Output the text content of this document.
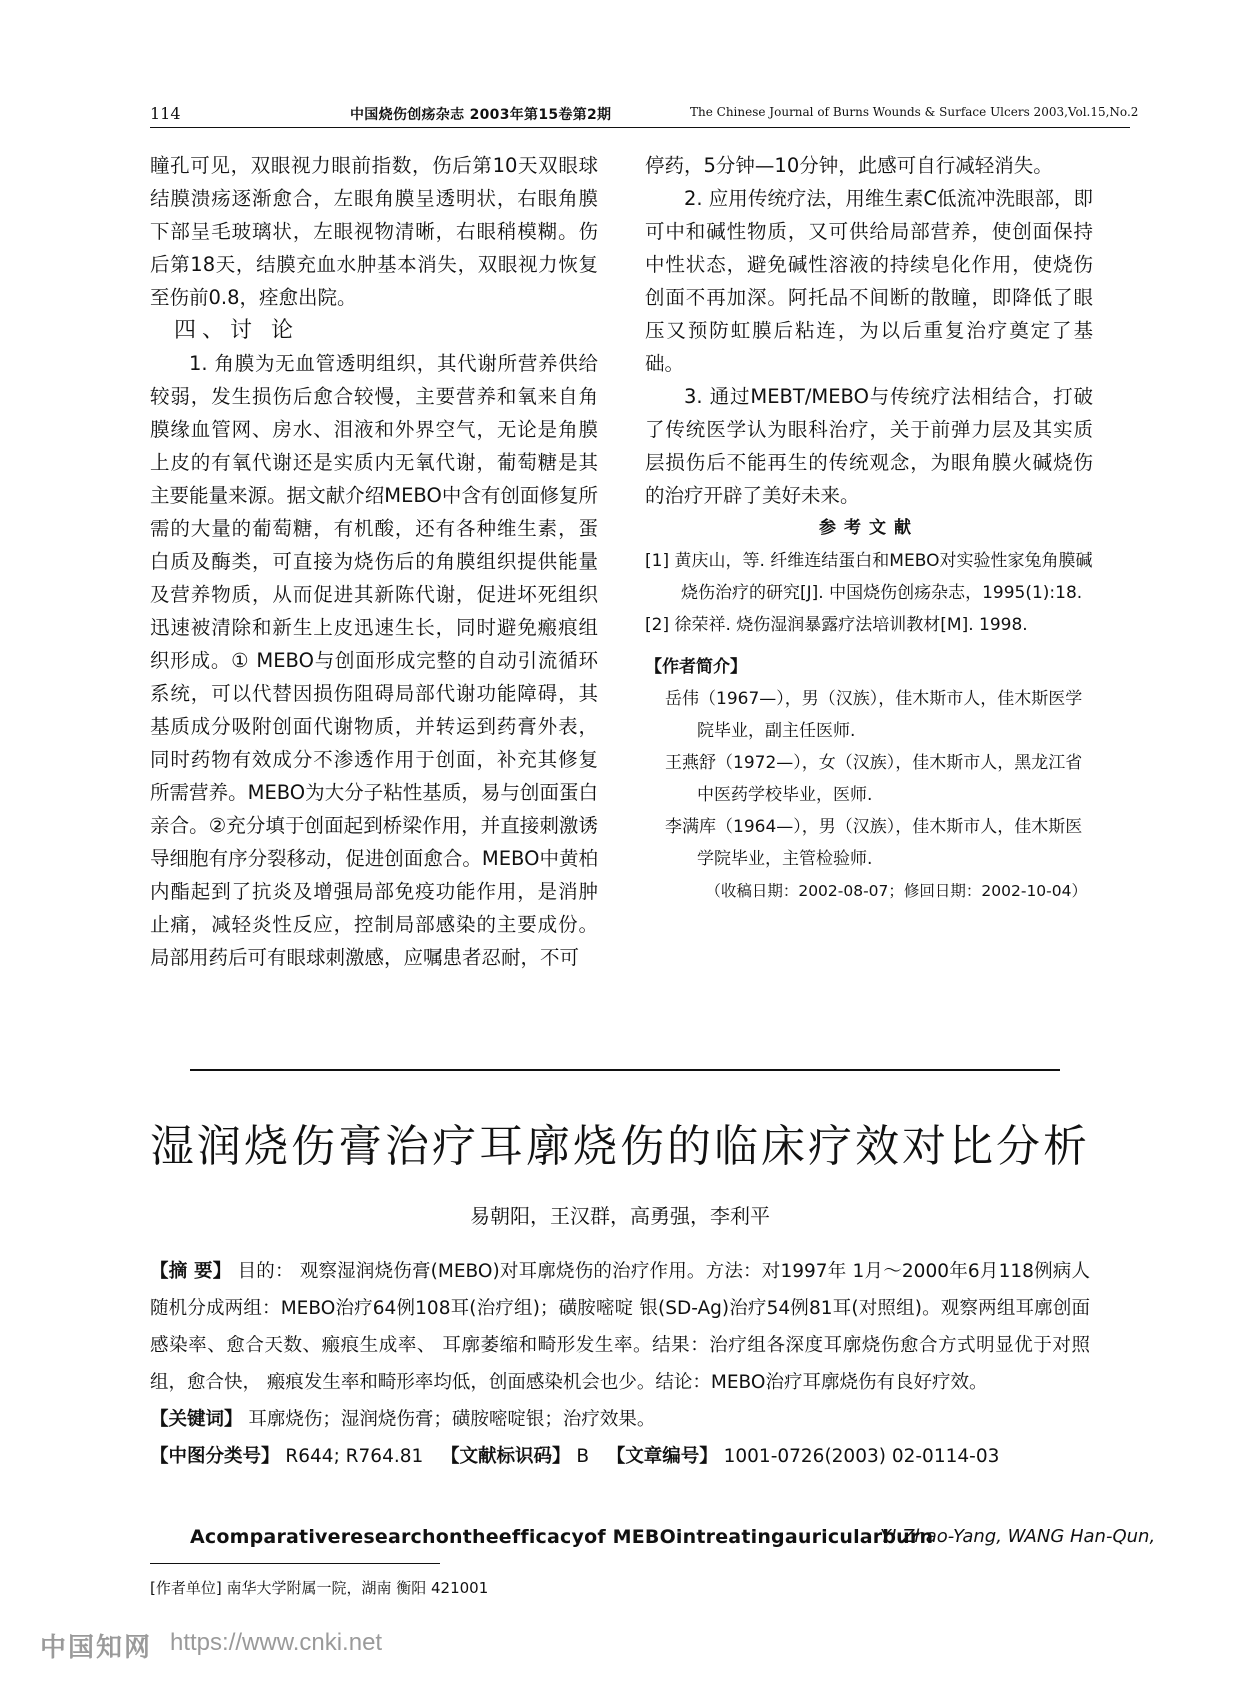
114	中国烧伤创疡杂志 2003年第15卷第2期	The Chinese Journal of Burns Wounds & Surface Ulcers 2003,Vol.15,No.2

瞳孔可见，双眼视力眼前指数，伤后第10天双眼球结膜溃疡逐渐愈合，左眼角膜呈透明状，右眼角膜下部呈毛玻璃状，左眼视物清晰，右眼稍模糊。伤后第18天，结膜充血水肿基本消失，双眼视力恢复至伤前0.8，痊愈出院。

四、讨 论

1. 角膜为无血管透明组织，其代谢所营养供给较弱，发生损伤后愈合较慢，主要营养和氧来自角膜缘血管网、房水、泪液和外界空气，无论是角膜上皮的有氧代谢还是实质内无氧代谢，葡萄糖是其主要能量来源。据文献介绍MEBO中含有创面修复所需的大量的葡萄糖，有机酸，还有各种维生素，蛋白质及酶类，可直接为烧伤后的角膜组织提供能量及营养物质，从而促进其新陈代谢，促进坏死组织迅速被清除和新生上皮迅速生长，同时避免瘢痕组织形成。① MEBO与创面形成完整的自动引流循环系统，可以代替因损伤阻碍局部代谢功能障碍，其基质成分吸附创面代谢物质，并转运到药膏外表，同时药物有效成分不渗透作用于创面，补充其修复所需营养。MEBO为大分子粘性基质，易与创面蛋白亲合。②充分填于创面起到桥梁作用，并直接刺激诱导细胞有序分裂移动，促进创面愈合。MEBO中黄柏内酯起到了抗炎及增强局部免疫功能作用，是消肿止痛，减轻炎性反应，控制局部感染的主要成份。局部用药后可有眼球刺激感，应嘱患者忍耐，不可

停药，5分钟—10分钟，此感可自行减轻消失。

2. 应用传统疗法，用维生素C低流冲洗眼部，即可中和碱性物质，又可供给局部营养，使创面保持中性状态，避免碱性溶液的持续皂化作用，使烧伤创面不再加深。阿托品不间断的散瞳，即降低了眼压又预防虹膜后粘连，为以后重复治疗奠定了基础。

3. 通过MEBT/MEBO与传统疗法相结合，打破了传统医学认为眼科治疗，关于前弹力层及其实质层损伤后不能再生的传统观念，为眼角膜火碱烧伤的治疗开辟了美好未来。

参考文献

[1] 黄庆山，等. 纤维连结蛋白和MEBO对实验性家兔角膜碱烧伤治疗的研究[J]. 中国烧伤创疡杂志，1995(1):18.

[2] 徐荣祥. 烧伤湿润暴露疗法培训教材[M]. 1998.

【作者简介】

岳伟（1967—），男（汉族），佳木斯市人，佳木斯医学院毕业，副主任医师.

王燕舒（1972—），女（汉族），佳木斯市人，黑龙江省中医药学校毕业，医师.

李满库（1964—），男（汉族），佳木斯市人，佳木斯医学院毕业，主管检验师.

（收稿日期：2002-08-07；修回日期：2002-10-04）

湿润烧伤膏治疗耳廓烧伤的临床疗效对比分析
易朝阳，王汉群，高勇强，李利平

【摘 要】 目的： 观察湿润烧伤膏(MEBO)对耳廓烧伤的治疗作用。方法：对1997年 1月～2000年6月118例病人随机分成两组：MEBO治疗64例108耳(治疗组)；磺胺嘧啶 银(SD-Ag)治疗54例81耳(对照组)。观察两组耳廓创面感染率、愈合天数、瘢痕生成率、 耳廓萎缩和畸形发生率。结果：治疗组各深度耳廓烧伤愈合方式明显优于对照组，愈合快， 瘢痕发生率和畸形率均低，创面感染机会也少。结论：MEBO治疗耳廓烧伤有良好疗效。

【关键词】 耳廓烧伤；湿润烧伤膏；磺胺嘧啶银；治疗效果。

【中图分类号】 R644; R764.81 【文献标识码】 B 【文章编号】 1001-0726(2003) 02-0114-03

Acomparativeresearchontheefficacyof MEBOintreatingauricularburn
YI Zhao-Yang, WANG Han-Qun,
[作者单位] 南华大学附属一院，湖南 衡阳 421001
中国知网 https://www.cnki.net
